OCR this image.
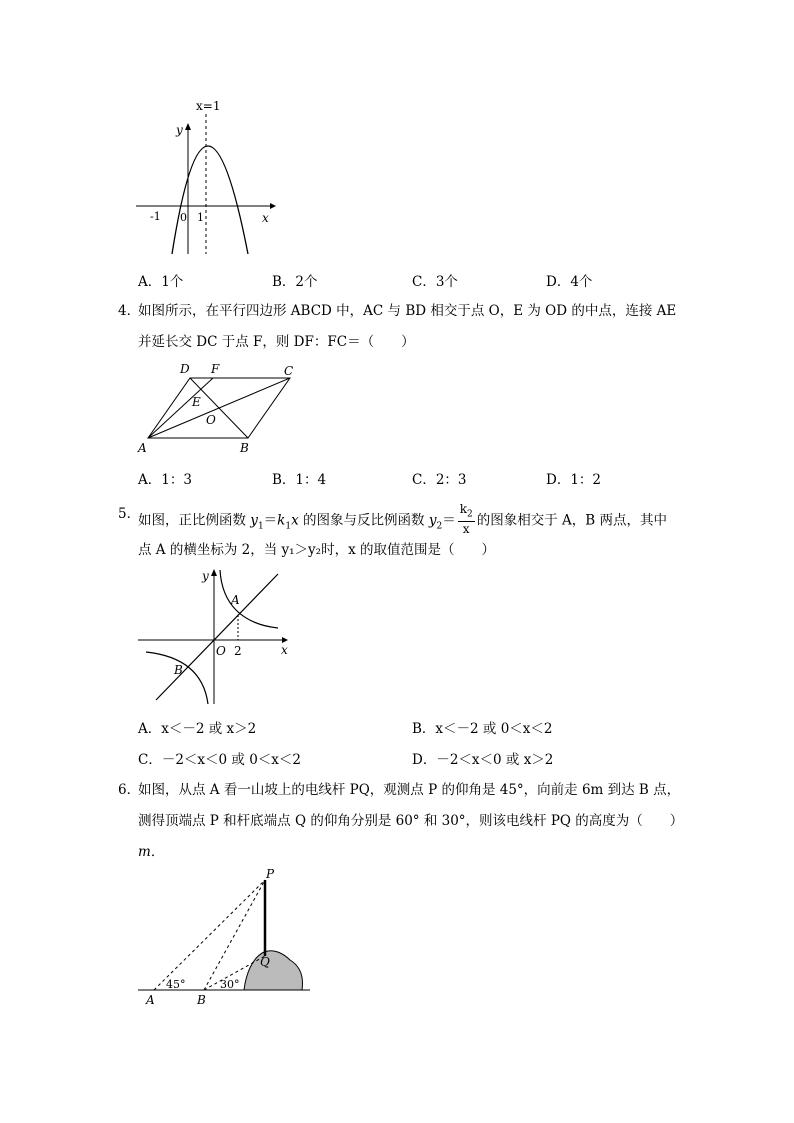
x=1
y
x
-1 0 1
A．1个	B．2个	C．3个	D．4个
4．
如图所示，在平行四边形 ABCD 中，AC 与 BD 相交于点 O，E 为 OD 的中点，连接 AE
并延长交 DC 于点 F，则 DF：FC＝（　　）
D F	C
E
O
A	B
A．1：3	B．1：4	C．2：3	D．1：2
5．
如图，正比例函数 $y_1=k_1x$ 的图象与反比例函数 $y_2= \frac{k_2}{x}$ 的图象相交于 A，B 两点，其中
点 A 的横坐标为 2，当 y₁＞y₂时，x 的取值范围是（　　）
y
x
A
O 2
B
A．x＜－2 或 x＞2	B．x＜－2 或 0＜x＜2
C．－2＜x＜0 或 0＜x＜2	D．－2＜x＜0 或 x＞2
6．
如图，从点 A 看一山坡上的电线杆 PQ，观测点 P 的仰角是 45°，向前走 6m 到达 B 点，
测得顶端点 P 和杆底端点 Q 的仰角分别是 60° 和 30°，则该电线杆 PQ 的高度为（　　）
m．
P
Q
A	B
45°	30°
